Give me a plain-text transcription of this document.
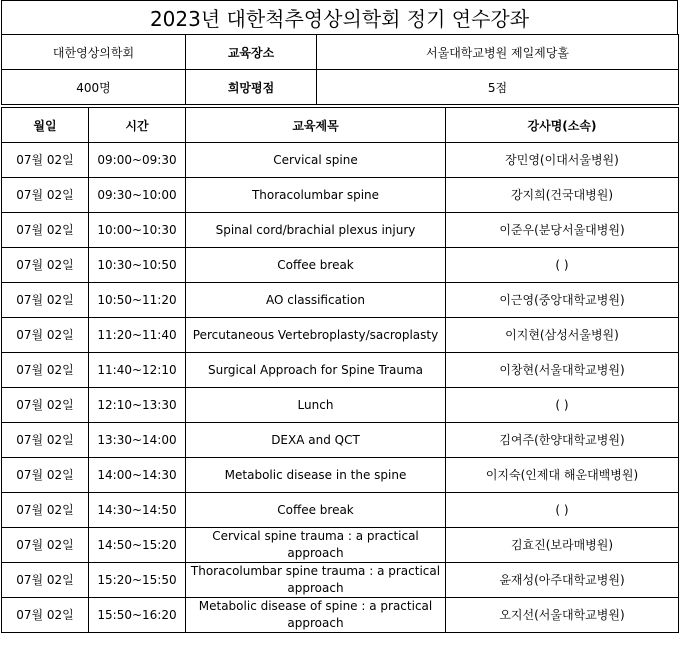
2023년 대한척추영상의학회 정기 연수강좌
대한영상의학회	교육장소	서울대학교병원 제일제당홀
400명	희망평점	5점
월일	시간	교육제목	강사명(소속)
07월 02일	09:00~09:30	Cervical spine	장민영(이대서울병원)
07월 02일	09:30~10:00	Thoracolumbar spine	강지희(건국대병원)
07월 02일	10:00~10:30	Spinal cord/brachial plexus injury	이준우(분당서울대병원)
07월 02일	10:30~10:50	Coffee break	( )
07월 02일	10:50~11:20	AO classification	이근영(중앙대학교병원)
07월 02일	11:20~11:40	Percutaneous Vertebroplasty/sacroplasty	이지현(삼성서울병원)
07월 02일	11:40~12:10	Surgical Approach for Spine Trauma	이창현(서울대학교병원)
07월 02일	12:10~13:30	Lunch	( )
07월 02일	13:30~14:00	DEXA and QCT	김여주(한양대학교병원)
07월 02일	14:00~14:30	Metabolic disease in the spine	이지숙(인제대 해운대백병원)
07월 02일	14:30~14:50	Coffee break	( )
07월 02일	14:50~15:20	Cervical spine trauma : a practical approach	김효진(보라매병원)
07월 02일	15:20~15:50	Thoracolumbar spine trauma : a practical approach	윤재성(아주대학교병원)
07월 02일	15:50~16:20	Metabolic disease of spine : a practical approach	오지선(서울대학교병원)
